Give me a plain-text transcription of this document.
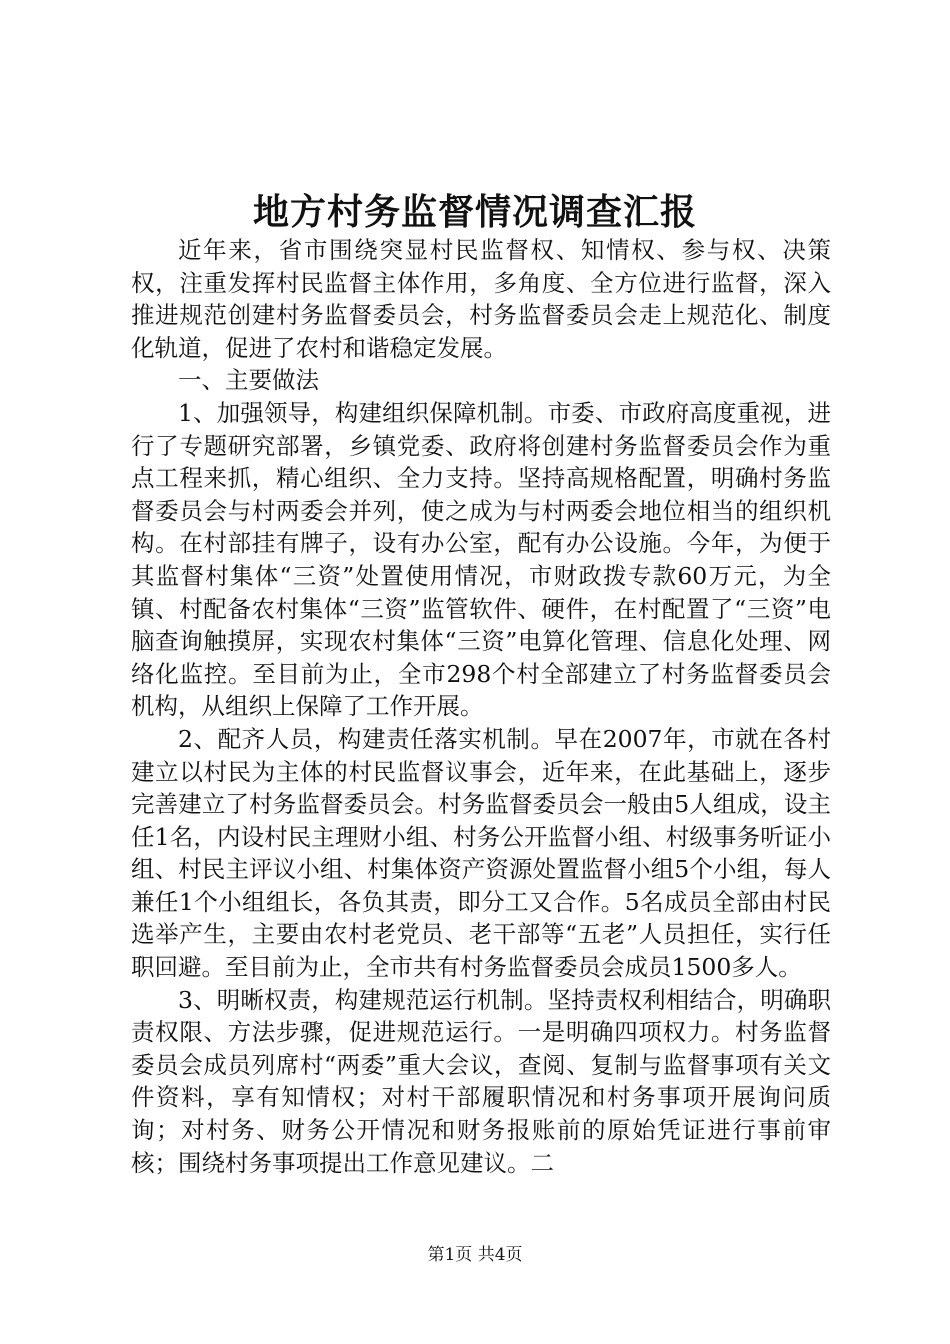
地方村务监督情况调查汇报

近年来，省市围绕突显村民监督权、知情权、参与权、决策权，注重发挥村民监督主体作用，多角度、全方位进行监督，深入推进规范创建村务监督委员会，村务监督委员会走上规范化、制度化轨道，促进了农村和谐稳定发展。

一、主要做法

1、加强领导，构建组织保障机制。市委、市政府高度重视，进行了专题研究部署，乡镇党委、政府将创建村务监督委员会作为重点工程来抓，精心组织、全力支持。坚持高规格配置，明确村务监督委员会与村两委会并列，使之成为与村两委会地位相当的组织机构。在村部挂有牌子，设有办公室，配有办公设施。今年，为便于其监督村集体“三资”处置使用情况，市财政拨专款60万元，为全镇、村配备农村集体“三资”监管软件、硬件，在村配置了“三资”电脑查询触摸屏，实现农村集体“三资”电算化管理、信息化处理、网络化监控。至目前为止，全市298个村全部建立了村务监督委员会机构，从组织上保障了工作开展。

2、配齐人员，构建责任落实机制。早在2007年，市就在各村建立以村民为主体的村民监督议事会，近年来，在此基础上，逐步完善建立了村务监督委员会。村务监督委员会一般由5人组成，设主任1名，内设村民主理财小组、村务公开监督小组、村级事务听证小组、村民主评议小组、村集体资产资源处置监督小组5个小组，每人兼任1个小组组长，各负其责，即分工又合作。5名成员全部由村民选举产生，主要由农村老党员、老干部等“五老”人员担任，实行任职回避。至目前为止，全市共有村务监督委员会成员1500多人。

3、明晰权责，构建规范运行机制。坚持责权利相结合，明确职责权限、方法步骤，促进规范运行。一是明确四项权力。村务监督委员会成员列席村“两委”重大会议，查阅、复制与监督事项有关文件资料，享有知情权；对村干部履职情况和村务事项开展询问质询；对村务、财务公开情况和财务报账前的原始凭证进行事前审核；围绕村务事项提出工作意见建议。二

第1页 共4页
